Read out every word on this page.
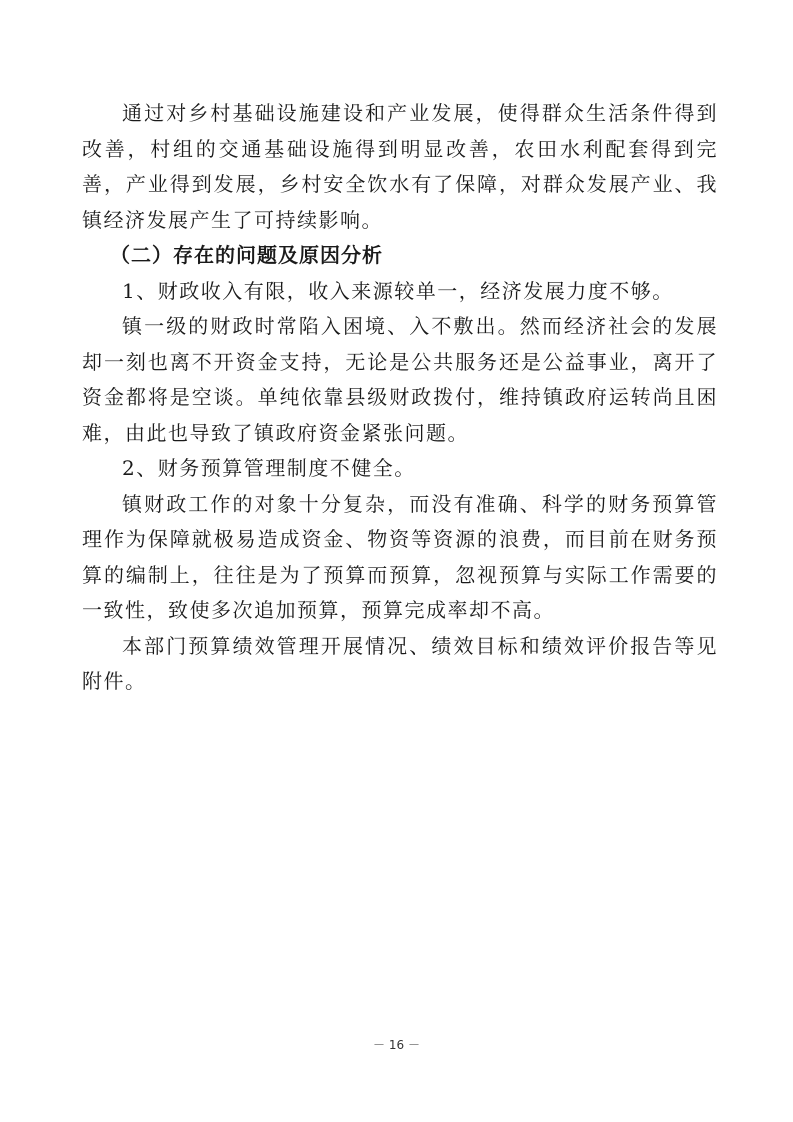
通过对乡村基础设施建设和产业发展，使得群众生活条件得到改善，村组的交通基础设施得到明显改善，农田水利配套得到完善，产业得到发展，乡村安全饮水有了保障，对群众发展产业、我镇经济发展产生了可持续影响。

（二）存在的问题及原因分析

1、财政收入有限，收入来源较单一，经济发展力度不够。

镇一级的财政时常陷入困境、入不敷出。然而经济社会的发展却一刻也离不开资金支持，无论是公共服务还是公益事业，离开了资金都将是空谈。单纯依靠县级财政拨付，维持镇政府运转尚且困难，由此也导致了镇政府资金紧张问题。

2、财务预算管理制度不健全。

镇财政工作的对象十分复杂，而没有准确、科学的财务预算管理作为保障就极易造成资金、物资等资源的浪费，而目前在财务预算的编制上，往往是为了预算而预算，忽视预算与实际工作需要的一致性，致使多次追加预算，预算完成率却不高。

本部门预算绩效管理开展情况、绩效目标和绩效评价报告等见附件。

－ 16 －
